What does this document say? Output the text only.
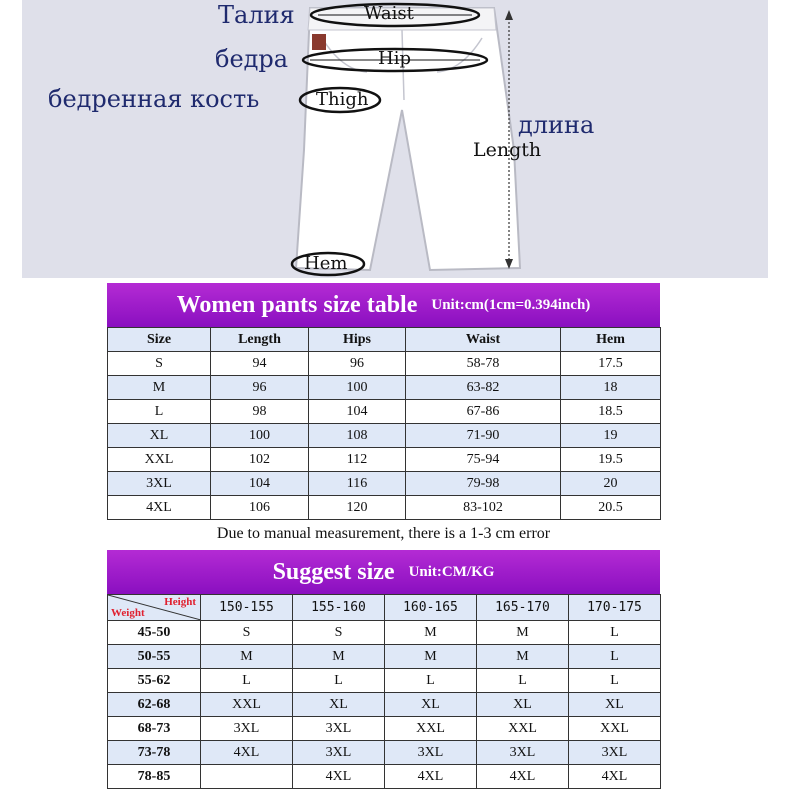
Талия
бедра
бедренная кость
длина
Waist
Hip
Thigh
Length
Hem
Women pants size table Unit:cm(1cm=0.394inch)
Size	Length	Hips	Waist	Hem
S	94	96	58-78	17.5
M	96	100	63-82	18
L	98	104	67-86	18.5
XL	100	108	71-90	19
XXL	102	112	75-94	19.5
3XL	104	116	79-98	20
4XL	106	120	83-102	20.5
Due to manual measurement, there is a 1-3 cm error
Suggest size Unit:CM/KG
Height
Weight	150-155	155-160	160-165	165-170	170-175
45-50	S	S	M	M	L
50-55	M	M	M	M	L
55-62	L	L	L	L	L
62-68	XXL	XL	XL	XL	XL
68-73	3XL	3XL	XXL	XXL	XXL
73-78	4XL	3XL	3XL	3XL	3XL
78-85		4XL	4XL	4XL	4XL
